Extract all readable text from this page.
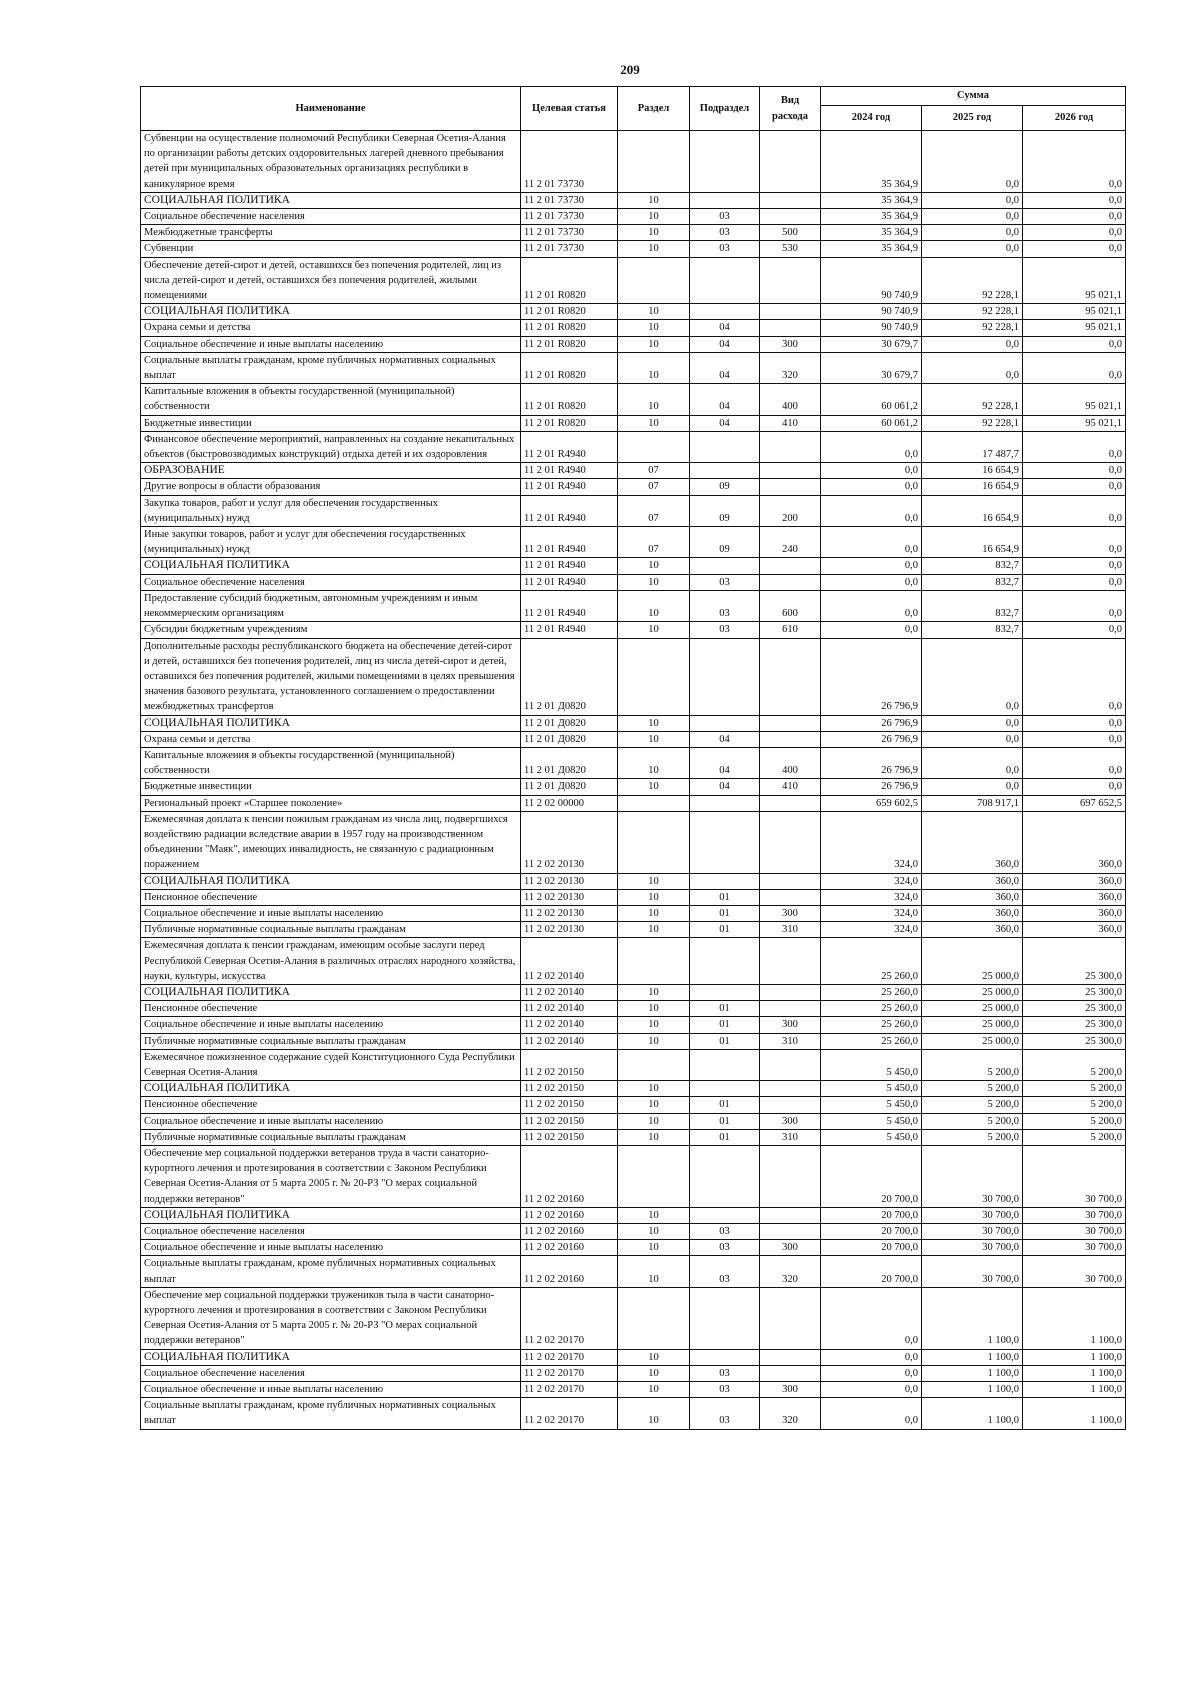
209
Наименование	Целевая статья	Раздел	Подраздел	Вид расхода	Сумма		
					2024 год	2025 год	2026 год
Субвенции на осуществление полномочий Республики Северная Осетия-Алания по организации работы детских оздоровительных лагерей дневного пребывания детей при муниципальных образовательных организациях республики в каникулярное время	11 2 01 73730				35 364,9	0,0	0,0
СОЦИАЛЬНАЯ ПОЛИТИКА	11 2 01 73730	10			35 364,9	0,0	0,0
Социальное обеспечение населения	11 2 01 73730	10	03		35 364,9	0,0	0,0
Межбюджетные трансферты	11 2 01 73730	10	03	500	35 364,9	0,0	0,0
Субвенции	11 2 01 73730	10	03	530	35 364,9	0,0	0,0
Обеспечение детей-сирот и детей, оставшихся без попечения родителей, лиц из числа детей-сирот и детей, оставшихся без попечения родителей, жилыми помещениями	11 2 01 R0820				90 740,9	92 228,1	95 021,1
СОЦИАЛЬНАЯ ПОЛИТИКА	11 2 01 R0820	10			90 740,9	92 228,1	95 021,1
Охрана семьи и детства	11 2 01 R0820	10	04		90 740,9	92 228,1	95 021,1
Социальное обеспечение и иные выплаты населению	11 2 01 R0820	10	04	300	30 679,7	0,0	0,0
Социальные выплаты гражданам, кроме публичных нормативных социальных выплат	11 2 01 R0820	10	04	320	30 679,7	0,0	0,0
Капитальные вложения в объекты государственной (муниципальной) собственности	11 2 01 R0820	10	04	400	60 061,2	92 228,1	95 021,1
Бюджетные инвестиции	11 2 01 R0820	10	04	410	60 061,2	92 228,1	95 021,1
Финансовое обеспечение мероприятий, направленных на создание некапитальных объектов (быстровозводимых конструкций) отдыха детей и их оздоровления	11 2 01 R4940				0,0	17 487,7	0,0
ОБРАЗОВАНИЕ	11 2 01 R4940	07			0,0	16 654,9	0,0
Другие вопросы в области образования	11 2 01 R4940	07	09		0,0	16 654,9	0,0
Закупка товаров, работ и услуг для обеспечения государственных (муниципальных) нужд	11 2 01 R4940	07	09	200	0,0	16 654,9	0,0
Иные закупки товаров, работ и услуг для обеспечения государственных (муниципальных) нужд	11 2 01 R4940	07	09	240	0,0	16 654,9	0,0
СОЦИАЛЬНАЯ ПОЛИТИКА	11 2 01 R4940	10			0,0	832,7	0,0
Социальное обеспечение населения	11 2 01 R4940	10	03		0,0	832,7	0,0
Предоставление субсидий бюджетным, автономным учреждениям и иным некоммерческим организациям	11 2 01 R4940	10	03	600	0,0	832,7	0,0
Субсидии бюджетным учреждениям	11 2 01 R4940	10	03	610	0,0	832,7	0,0
Дополнительные расходы республиканского бюджета на обеспечение детей-сирот и детей, оставшихся без попечения родителей, лиц из числа детей-сирот и детей, оставшихся без попечения родителей, жилыми помещениями в целях превышения значения базового результата, установленного соглашением о предоставлении межбюджетных трансфертов	11 2 01 Д0820				26 796,9	0,0	0,0
СОЦИАЛЬНАЯ ПОЛИТИКА	11 2 01 Д0820	10			26 796,9	0,0	0,0
Охрана семьи и детства	11 2 01 Д0820	10	04		26 796,9	0,0	0,0
Капитальные вложения в объекты государственной (муниципальной) собственности	11 2 01 Д0820	10	04	400	26 796,9	0,0	0,0
Бюджетные инвестиции	11 2 01 Д0820	10	04	410	26 796,9	0,0	0,0
Региональный проект «Старшее поколение»	11 2 02 00000				659 602,5	708 917,1	697 652,5
Ежемесячная доплата к пенсии пожилым гражданам из числа лиц, подвергшихся воздействию радиации вследствие аварии в 1957 году на производственном объединении "Маяк", имеющих инвалидность, не связанную с радиационным поражением	11 2 02 20130				324,0	360,0	360,0
СОЦИАЛЬНАЯ ПОЛИТИКА	11 2 02 20130	10			324,0	360,0	360,0
Пенсионное обеспечение	11 2 02 20130	10	01		324,0	360,0	360,0
Социальное обеспечение и иные выплаты населению	11 2 02 20130	10	01	300	324,0	360,0	360,0
Публичные нормативные социальные выплаты гражданам	11 2 02 20130	10	01	310	324,0	360,0	360,0
Ежемесячная доплата к пенсии гражданам, имеющим особые заслуги перед Республикой Северная Осетия-Алания в различных отраслях народного хозяйства, науки, культуры, искусства	11 2 02 20140				25 260,0	25 000,0	25 300,0
СОЦИАЛЬНАЯ ПОЛИТИКА	11 2 02 20140	10			25 260,0	25 000,0	25 300,0
Пенсионное обеспечение	11 2 02 20140	10	01		25 260,0	25 000,0	25 300,0
Социальное обеспечение и иные выплаты населению	11 2 02 20140	10	01	300	25 260,0	25 000,0	25 300,0
Публичные нормативные социальные выплаты гражданам	11 2 02 20140	10	01	310	25 260,0	25 000,0	25 300,0
Ежемесячное пожизненное содержание судей Конституционного Суда Республики Северная Осетия-Алания	11 2 02 20150				5 450,0	5 200,0	5 200,0
СОЦИАЛЬНАЯ ПОЛИТИКА	11 2 02 20150	10			5 450,0	5 200,0	5 200,0
Пенсионное обеспечение	11 2 02 20150	10	01		5 450,0	5 200,0	5 200,0
Социальное обеспечение и иные выплаты населению	11 2 02 20150	10	01	300	5 450,0	5 200,0	5 200,0
Публичные нормативные социальные выплаты гражданам	11 2 02 20150	10	01	310	5 450,0	5 200,0	5 200,0
Обеспечение мер социальной поддержки ветеранов труда в части санаторно-курортного лечения и протезирования в соответствии с Законом Республики Северная Осетия-Алания от 5 марта 2005 г. № 20-РЗ "О мерах социальной поддержки ветеранов"	11 2 02 20160				20 700,0	30 700,0	30 700,0
СОЦИАЛЬНАЯ ПОЛИТИКА	11 2 02 20160	10			20 700,0	30 700,0	30 700,0
Социальное обеспечение населения	11 2 02 20160	10	03		20 700,0	30 700,0	30 700,0
Социальное обеспечение и иные выплаты населению	11 2 02 20160	10	03	300	20 700,0	30 700,0	30 700,0
Социальные выплаты гражданам, кроме публичных нормативных социальных выплат	11 2 02 20160	10	03	320	20 700,0	30 700,0	30 700,0
Обеспечение мер социальной поддержки тружеников тыла в части санаторно-курортного лечения и протезирования в соответствии с Законом Республики Северная Осетия-Алания от 5 марта 2005 г. № 20-РЗ "О мерах социальной поддержки ветеранов"	11 2 02 20170				0,0	1 100,0	1 100,0
СОЦИАЛЬНАЯ ПОЛИТИКА	11 2 02 20170	10			0,0	1 100,0	1 100,0
Социальное обеспечение населения	11 2 02 20170	10	03		0,0	1 100,0	1 100,0
Социальное обеспечение и иные выплаты населению	11 2 02 20170	10	03	300	0,0	1 100,0	1 100,0
Социальные выплаты гражданам, кроме публичных нормативных социальных выплат	11 2 02 20170	10	03	320	0,0	1 100,0	1 100,0
